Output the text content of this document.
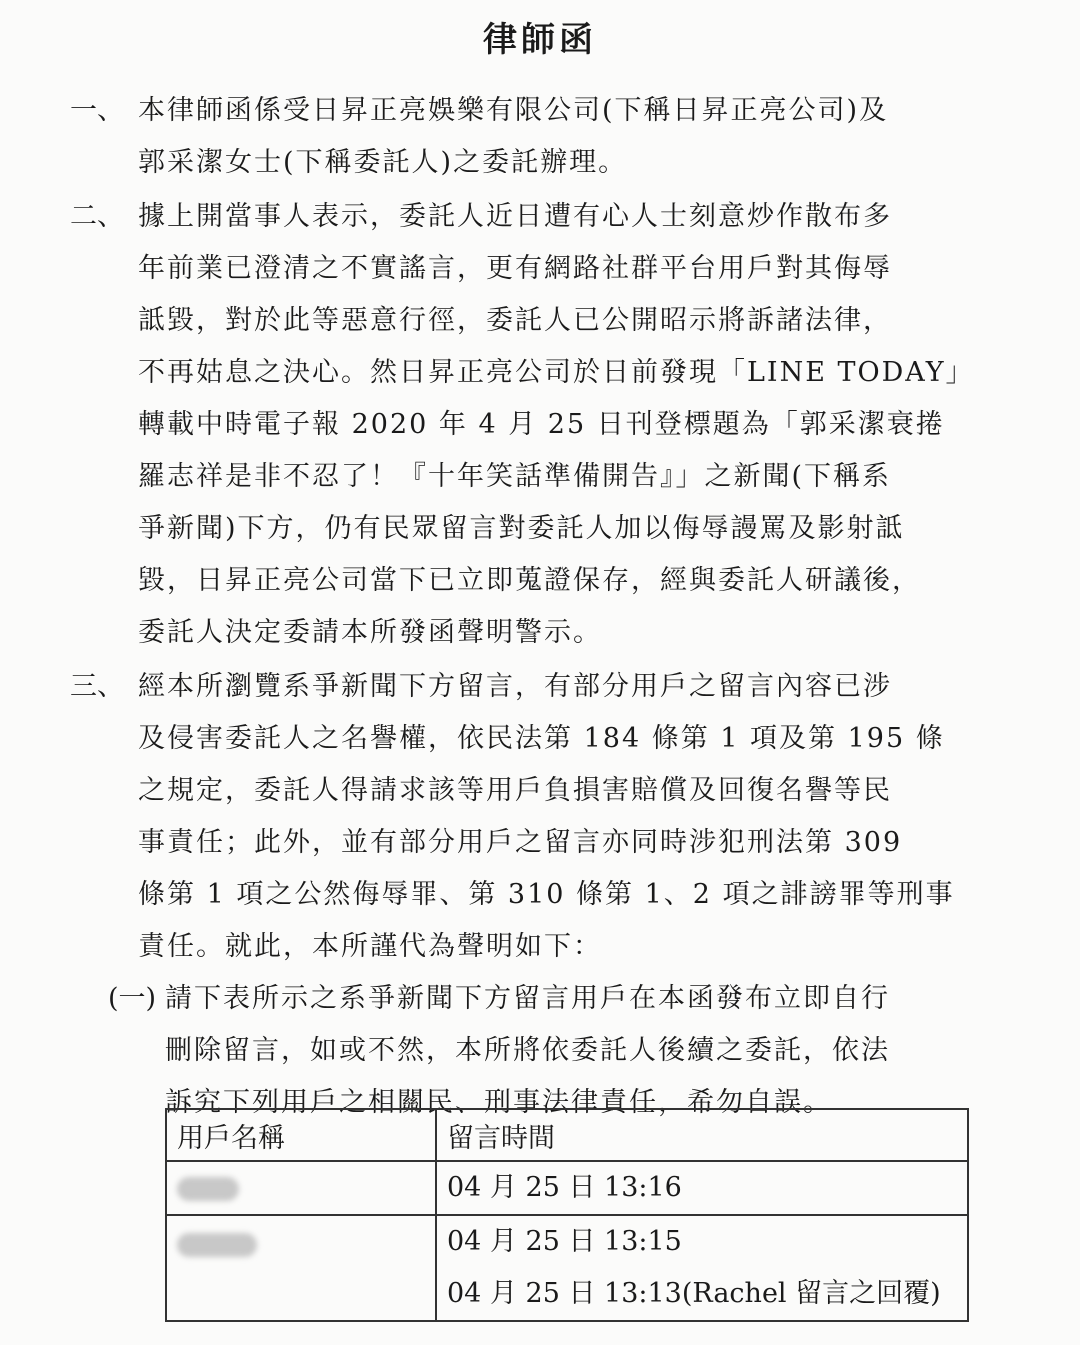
律師函
一、 本律師函係受日昇正亮娛樂有限公司(下稱日昇正亮公司)及
郭采潔女士(下稱委託人)之委託辦理。
二、 據上開當事人表示，委託人近日遭有心人士刻意炒作散布多
年前業已澄清之不實謠言，更有網路社群平台用戶對其侮辱
詆毀，對於此等惡意行徑，委託人已公開昭示將訴諸法律，
不再姑息之決心。然日昇正亮公司於日前發現「LINE TODAY」
轉載中時電子報 2020 年 4 月 25 日刊登標題為「郭采潔衰捲
羅志祥是非不忍了！『十年笑話準備開告』」之新聞(下稱系
爭新聞)下方，仍有民眾留言對委託人加以侮辱謾罵及影射詆
毀，日昇正亮公司當下已立即蒐證保存，經與委託人研議後，
委託人決定委請本所發函聲明警示。
三、 經本所瀏覽系爭新聞下方留言，有部分用戶之留言內容已涉
及侵害委託人之名譽權，依民法第 184 條第 1 項及第 195 條
之規定，委託人得請求該等用戶負損害賠償及回復名譽等民
事責任；此外，並有部分用戶之留言亦同時涉犯刑法第 309
條第 1 項之公然侮辱罪、第 310 條第 1、2 項之誹謗罪等刑事
責任。就此，本所謹代為聲明如下：
(一) 請下表所示之系爭新聞下方留言用戶在本函發布立即自行
刪除留言，如或不然，本所將依委託人後續之委託，依法
訴究下列用戶之相關民、刑事法律責任，希勿自誤。
用戶名稱	留言時間

	04 月 25 日 13:16

	04 月 25 日 13:15
04 月 25 日 13:13(Rachel 留言之回覆)
